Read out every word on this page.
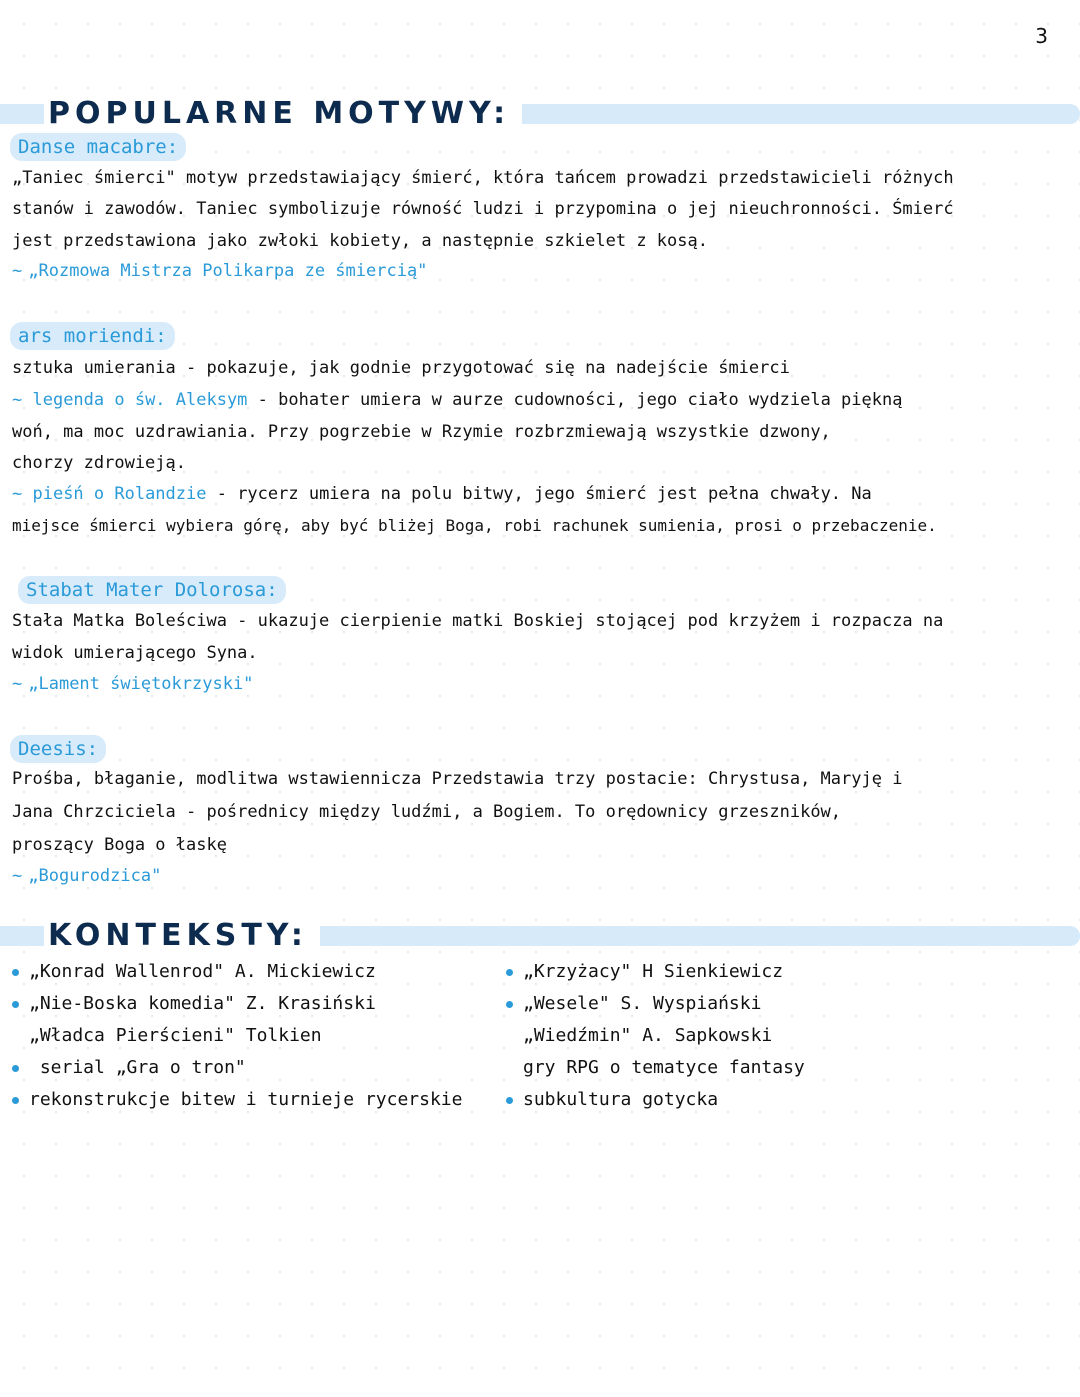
3
POPULARNE MOTYWY:
Danse macabre:
„Taniec śmierci" motyw przedstawiający śmierć, która tańcem prowadzi przedstawicieli różnych
stanów i zawodów. Taniec symbolizuje równość ludzi i przypomina o jej nieuchronności. Śmierć
jest przedstawiona jako zwłoki kobiety, a następnie szkielet z kosą.
~ „Rozmowa Mistrza Polikarpa ze śmiercią"
ars moriendi:
sztuka umierania - pokazuje, jak godnie przygotować się na nadejście śmierci
~ legenda o św. Aleksym - bohater umiera w aurze cudowności, jego ciało wydziela piękną
woń, ma moc uzdrawiania. Przy pogrzebie w Rzymie rozbrzmiewają wszystkie dzwony,
chorzy zdrowieją.
~ pieśń o Rolandzie - rycerz umiera na polu bitwy, jego śmierć jest pełna chwały. Na
miejsce śmierci wybiera górę, aby być bliżej Boga, robi rachunek sumienia, prosi o przebaczenie.
Stabat Mater Dolorosa:
Stała Matka Boleściwa - ukazuje cierpienie matki Boskiej stojącej pod krzyżem i rozpacza na
widok umierającego Syna.
~ „Lament świętokrzyski"
Deesis:
Prośba, błaganie, modlitwa wstawiennicza Przedstawia trzy postacie: Chrystusa, Maryję i
Jana Chrzciciela - pośrednicy między ludźmi, a Bogiem. To orędownicy grzeszników,
proszący Boga o łaskę
~ „Bogurodzica"
KONTEKSTY:
„Konrad Wallenrod" A. Mickiewicz
„Nie-Boska komedia" Z. Krasiński
„Władca Pierścieni" Tolkien
serial „Gra o tron"
rekonstrukcje bitew i turnieje rycerskie
„Krzyżacy" H Sienkiewicz
„Wesele" S. Wyspiański
„Wiedźmin" A. Sapkowski
gry RPG o tematyce fantasy
subkultura gotycka
